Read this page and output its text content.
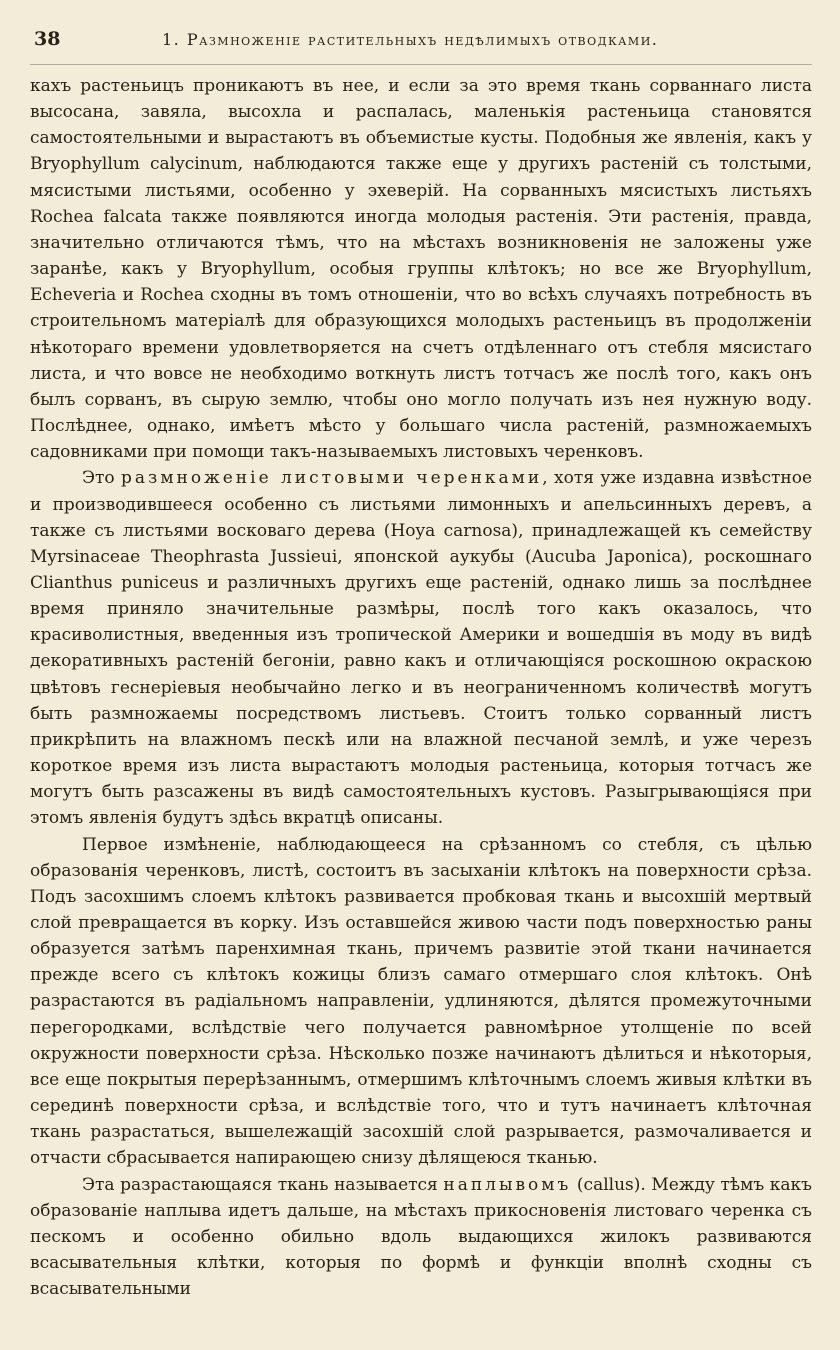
38	1. Размноженіе растительныхъ недѣлимыхъ отводками.

кахъ растеньицъ проникаютъ въ нее, и если за это время ткань сорваннаго листа высосана, завяла, высохла и распалась, маленькія растеньица становятся самостоятельными и вырастаютъ въ объемистые кусты. Подобныя же явленія, какъ у Bryophyllum calycinum, наблюдаются также еще у другихъ растеній съ толстыми, мясистыми листьями, особенно у эхеверій. На сорванныхъ мясистыхъ листьяхъ Rochea falcata также появляются иногда молодыя растенія. Эти растенія, правда, значительно отличаются тѣмъ, что на мѣстахъ возникновенія не заложены уже заранѣе, какъ у Bryophyllum, особыя группы клѣтокъ; но все же Bryophyllum, Echeveria и Rochea сходны въ томъ отношеніи, что во всѣхъ случаяхъ потребность въ строительномъ матеріалѣ для образующихся молодыхъ растеньицъ въ продолженіи нѣкотораго времени удовлетворяется на счетъ отдѣленнаго отъ стебля мясистаго листа, и что вовсе не необходимо воткнуть листъ тотчасъ же послѣ того, какъ онъ былъ сорванъ, въ сырую землю, чтобы оно могло получать изъ нея нужную воду. Послѣднее, однако, имѣетъ мѣсто у большаго числа растеній, размножаемыхъ садовниками при помощи такъ-называемыхъ листовыхъ черенковъ.

Это размноженіе листовыми черенками, хотя уже издавна извѣстное и производившееся особенно съ листьями лимонныхъ и апельсинныхъ деревъ, а также съ листьями восковаго дерева (Hoya carnosa), принадлежащей къ семейству Myrsinaceae Theophrasta Jussieui, японской аукубы (Aucuba Japonica), роскошнаго Clianthus puniceus и различныхъ другихъ еще растеній, однако лишь за послѣднее время приняло значительные размѣры, послѣ того какъ оказалось, что красиволистныя, введенныя изъ тропической Америки и вошедшія въ моду въ видѣ декоративныхъ растеній бегоніи, равно какъ и отличающіяся роскошною окраскою цвѣтовъ геснеріевыя необычайно легко и въ неограниченномъ количествѣ могутъ быть размножаемы посредствомъ листьевъ. Стоитъ только сорванный листъ прикрѣпить на влажномъ пескѣ или на влажной песчаной землѣ, и уже черезъ короткое время изъ листа вырастаютъ молодыя растеньица, которыя тотчасъ же могутъ быть разсажены въ видѣ самостоятельныхъ кустовъ. Разыгрывающіяся при этомъ явленія будутъ здѣсь вкратцѣ описаны.

Первое измѣненіе, наблюдающееся на срѣзанномъ со стебля, съ цѣлью образованія черенковъ, листѣ, состоитъ въ засыханіи клѣтокъ на поверхности срѣза. Подъ засохшимъ слоемъ клѣтокъ развивается пробковая ткань и высохшій мертвый слой превращается въ корку. Изъ оставшейся живою части подъ поверхностью раны образуется затѣмъ паренхимная ткань, причемъ развитіе этой ткани начинается прежде всего съ клѣтокъ кожицы близъ самаго отмершаго слоя клѣтокъ. Онѣ разрастаются въ радіальномъ направленіи, удлиняются, дѣлятся промежуточными перегородками, вслѣдствіе чего получается равномѣрное утолщеніе по всей окружности поверхности срѣза. Нѣсколько позже начинаютъ дѣлиться и нѣкоторыя, все еще покрытыя перерѣзаннымъ, отмершимъ клѣточнымъ слоемъ живыя клѣтки въ серединѣ поверхности срѣза, и вслѣдствіе того, что и тутъ начинаетъ клѣточная ткань разрастаться, вышележащій засохшій слой разрывается, размочаливается и отчасти сбрасывается напирающею снизу дѣлящеюся тканью.

Эта разрастающаяся ткань называется наплывомъ (callus). Между тѣмъ какъ образованіе наплыва идетъ дальше, на мѣстахъ прикосновенія листоваго черенка съ пескомъ и особенно обильно вдоль выдающихся жилокъ развиваются всасывательныя клѣтки, которыя по формѣ и функціи вполнѣ сходны съ всасывательными
